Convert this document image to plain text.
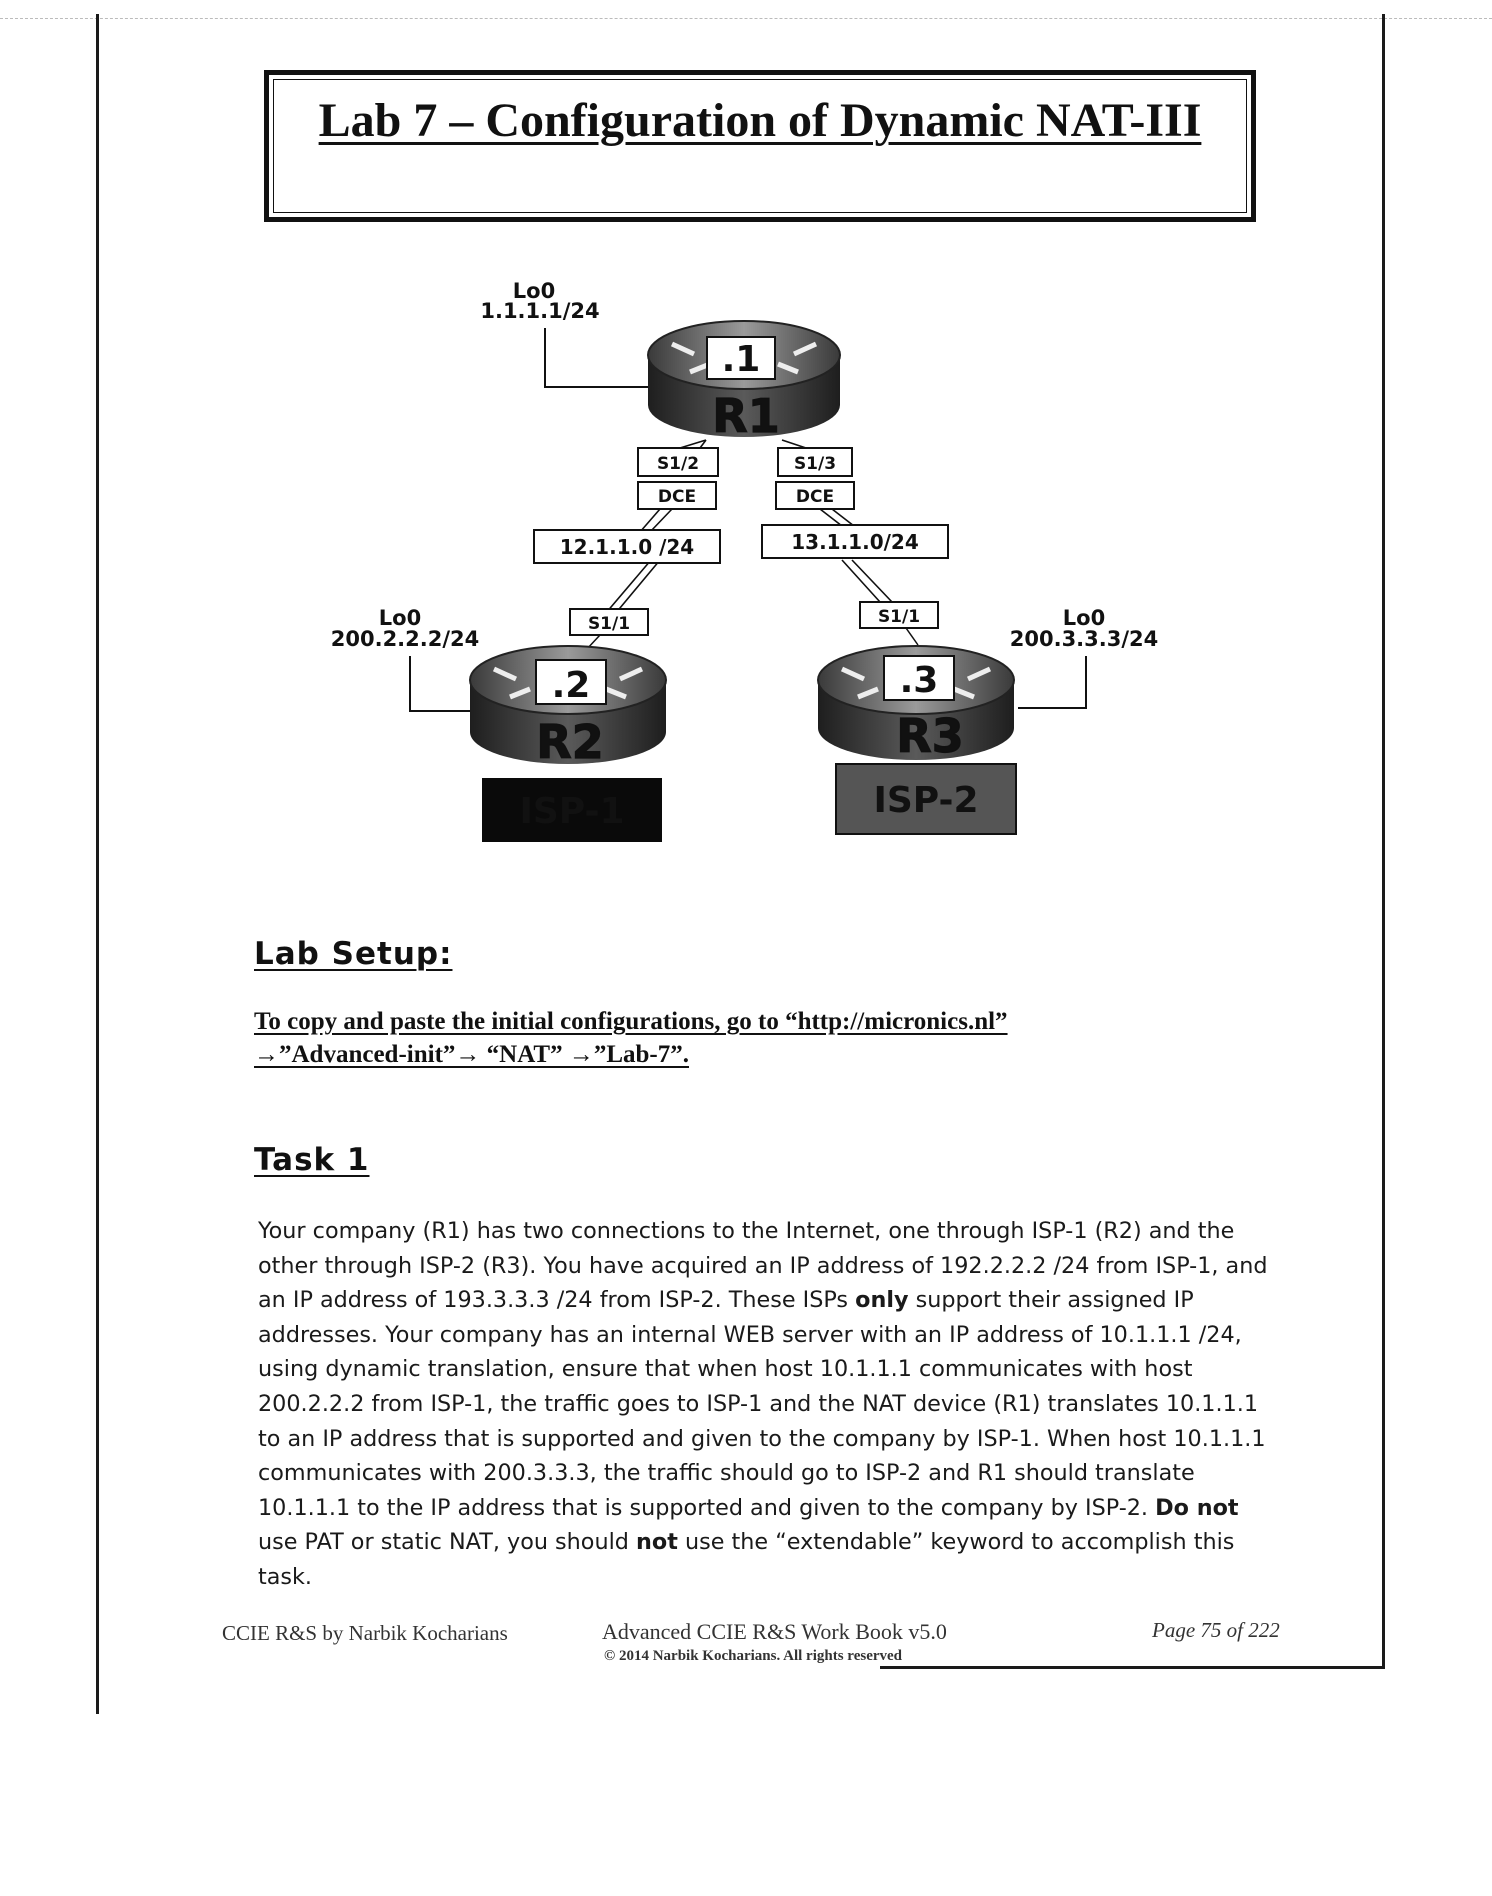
Lab 7 – Configuration of Dynamic NAT-III
Lo0
1.1.1.1/24
.1
R1
S1/2	S1/3
DCE	DCE
12.1.1.0 /24	13.1.1.0/24
S1/1	S1/1
Lo0
200.2.2.2/24
.2
R2
ISP-1
Lo0
200.3.3.3/24
.3
R3
ISP-2
Lab Setup:
To copy and paste the initial configurations, go to “http://micronics.nl”
→”Advanced-init”→ “NAT” →”Lab-7”.
Task 1
Your company (R1) has two connections to the Internet, one through ISP-1 (R2) and the other through ISP-2 (R3). You have acquired an IP address of 192.2.2.2 /24 from ISP-1, and an IP address of 193.3.3.3 /24 from ISP-2. These ISPs only support their assigned IP addresses. Your company has an internal WEB server with an IP address of 10.1.1.1 /24, using dynamic translation, ensure that when host 10.1.1.1 communicates with host 200.2.2.2 from ISP-1, the traffic goes to ISP-1 and the NAT device (R1) translates 10.1.1.1 to an IP address that is supported and given to the company by ISP-1. When host 10.1.1.1 communicates with 200.3.3.3, the traffic should go to ISP-2 and R1 should translate 10.1.1.1 to the IP address that is supported and given to the company by ISP-2. Do not use PAT or static NAT, you should not use the “extendable” keyword to accomplish this task.
CCIE R&S by Narbik Kocharians	Advanced CCIE R&S Work Book v5.0
© 2014 Narbik Kocharians. All rights reserved
Page 75 of 222
